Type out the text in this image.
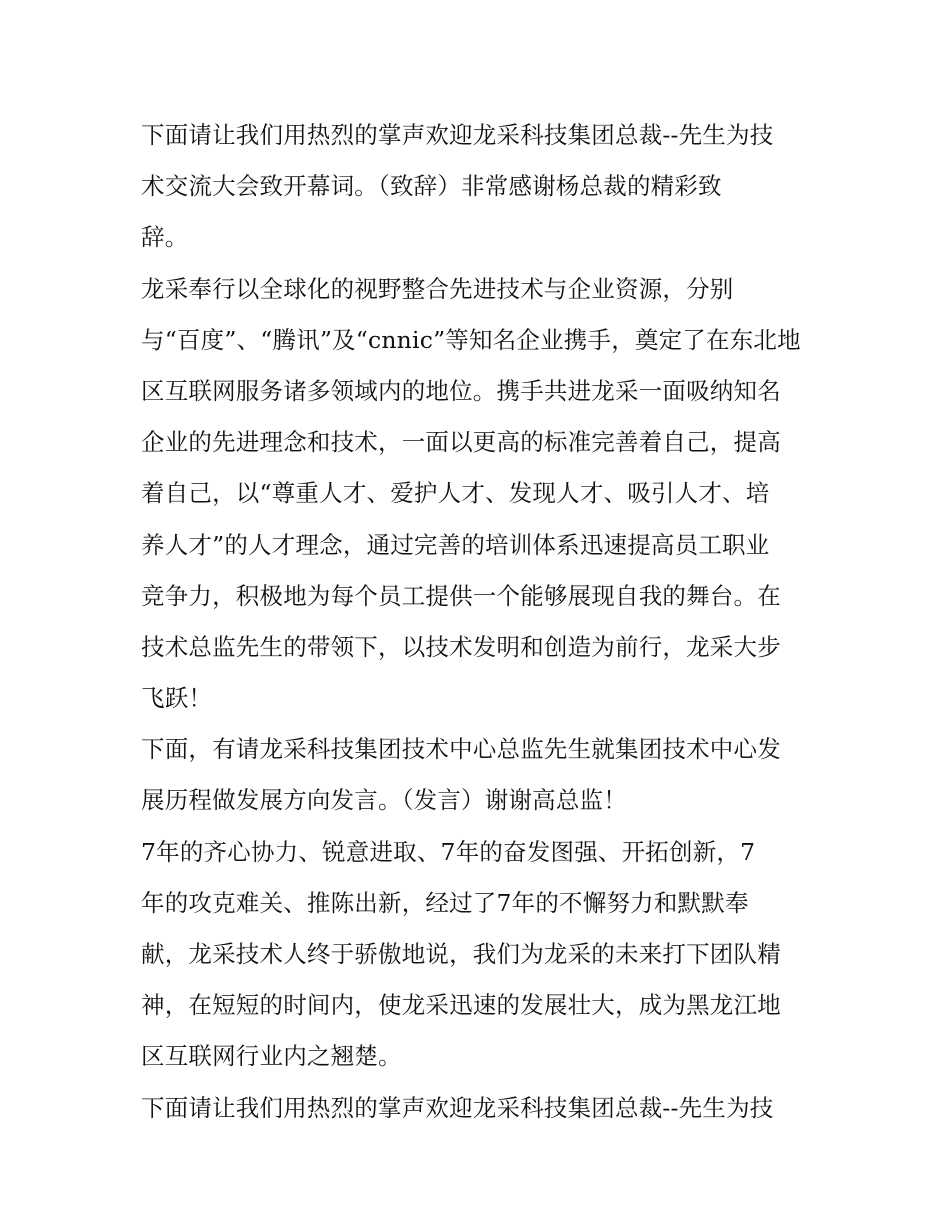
下面请让我们用热烈的掌声欢迎龙采科技集团总裁--先生为技
术交流大会致开幕词。（致辞）非常感谢杨总裁的精彩致
辞。
龙采奉行以全球化的视野整合先进技术与企业资源，分别
与“百度”、“腾讯”及“cnnic”等知名企业携手，奠定了在东北地
区互联网服务诸多领域内的地位。携手共进龙采一面吸纳知名
企业的先进理念和技术，一面以更高的标准完善着自己，提高
着自己，以“尊重人才、爱护人才、发现人才、吸引人才、培
养人才”的人才理念，通过完善的培训体系迅速提高员工职业
竞争力，积极地为每个员工提供一个能够展现自我的舞台。在
技术总监先生的带领下，以技术发明和创造为前行，龙采大步
飞跃！
下面，有请龙采科技集团技术中心总监先生就集团技术中心发
展历程做发展方向发言。（发言）谢谢高总监！
7年的齐心协力、锐意进取、7年的奋发图强、开拓创新，7
年的攻克难关、推陈出新，经过了7年的不懈努力和默默奉
献，龙采技术人终于骄傲地说，我们为龙采的未来打下团队精
神，在短短的时间内，使龙采迅速的发展壮大，成为黑龙江地
区互联网行业内之翘楚。
下面请让我们用热烈的掌声欢迎龙采科技集团总裁--先生为技
